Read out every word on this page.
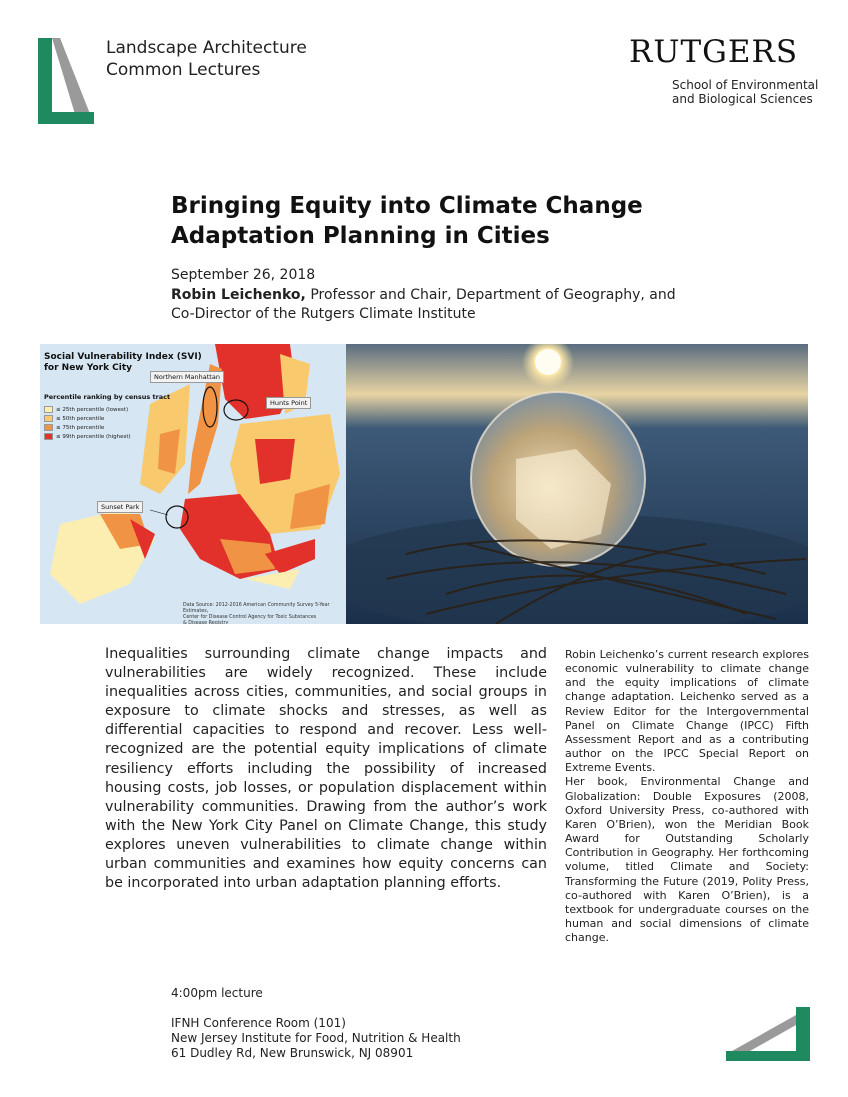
Landscape Architecture
Common Lectures	RUTGERS
School of Environmental
and Biological Sciences
Bringing Equity into Climate Change
Adaptation Planning in Cities
September 26, 2018
Robin Leichenko, Professor and Chair, Department of Geography, and Co-Director of the Rutgers Climate Institute
Social Vulnerability Index (SVI)
for New York City
Percentile ranking by census tract
≤ 25th percentile (lowest)
≤ 50th percentile
≤ 75th percentile
≤ 99th percentile (highest)
Northern Manhattan
Hunts Point
Sunset Park
Data Source: 2012-2016 American Community Survey 5-Year Estimates,
Center for Disease Control Agency for Toxic Substances
& Disease Registry

Inequalities surrounding climate change impacts and vulnerabilities are widely recognized. These include inequalities across cities, communities, and social groups in exposure to climate shocks and stresses, as well as differential capacities to respond and recover. Less well-recognized are the potential equity implications of climate resiliency efforts including the possibility of increased housing costs, job losses, or population displacement within vulnerability communities. Drawing from the author’s work with the New York City Panel on Climate Change, this study explores uneven vulnerabilities to climate change within urban communities and examines how equity concerns can be incorporated into urban adaptation planning efforts.

Robin Leichenko’s current research explores economic vulnerability to climate change and the equity implications of climate change adaptation. Leichenko served as a Review Editor for the Intergovernmental Panel on Climate Change (IPCC) Fifth Assessment Report and as a contributing author on the IPCC Special Report on Extreme Events.

Her book, Environmental Change and Globalization: Double Exposures (2008, Oxford University Press, co-authored with Karen O’Brien), won the Meridian Book Award for Outstanding Scholarly Contribution in Geography. Her forthcoming volume, titled Climate and Society: Transforming the Future (2019, Polity Press, co-authored with Karen O’Brien), is a textbook for undergraduate courses on the human and social dimensions of climate change.

4:00pm lecture
IFNH Conference Room (101)
New Jersey Institute for Food, Nutrition & Health
61 Dudley Rd, New Brunswick, NJ 08901
